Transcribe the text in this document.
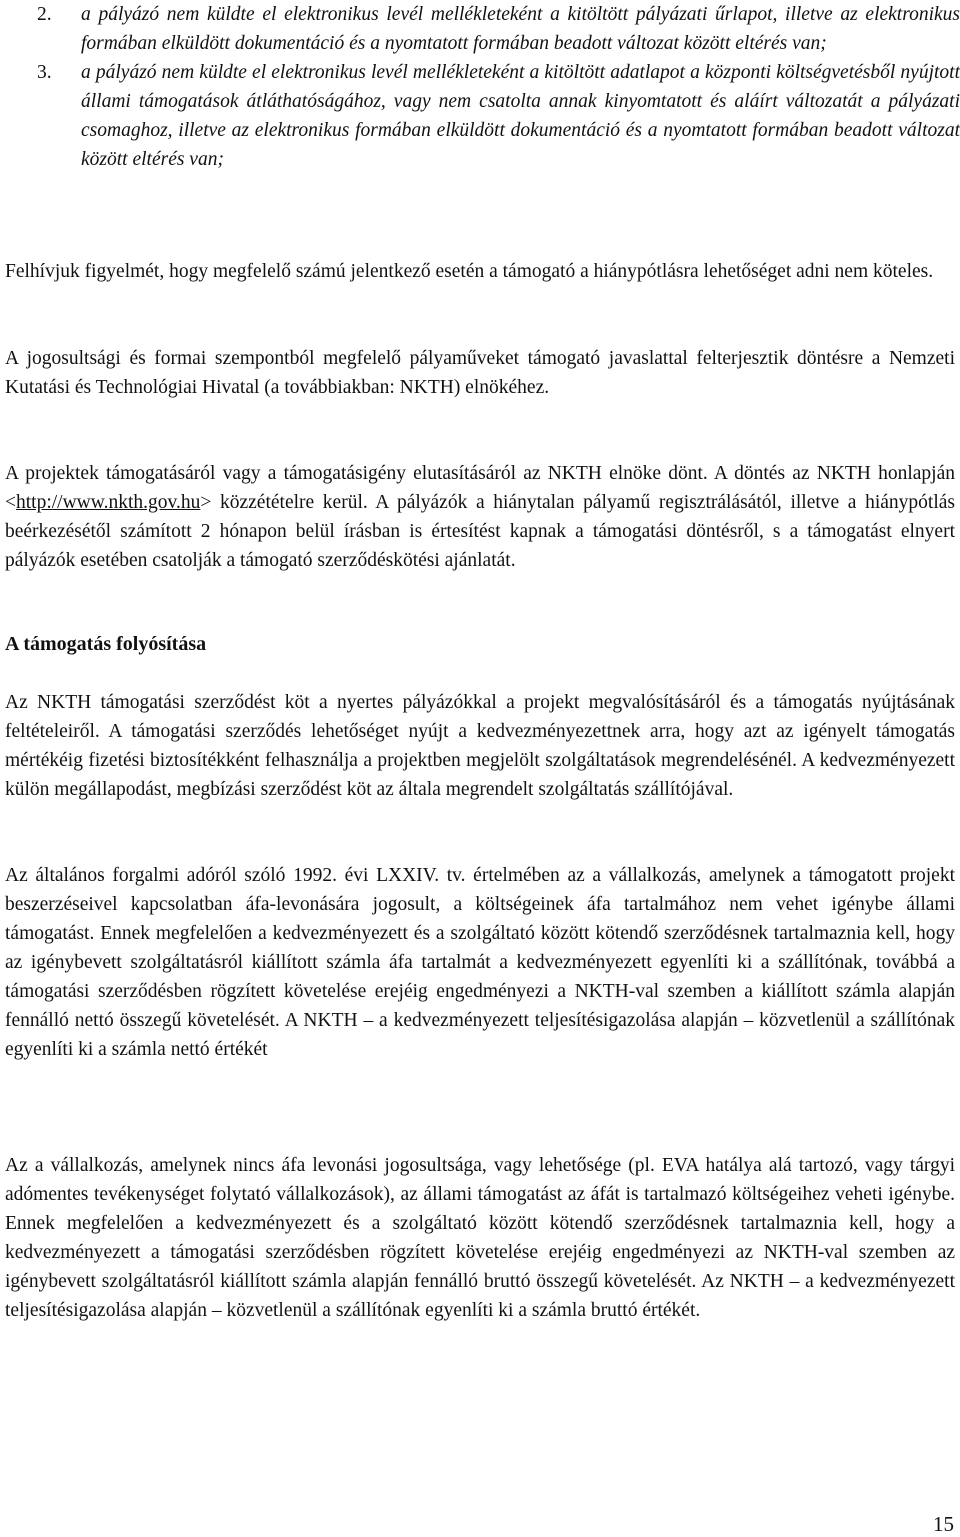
2. a pályázó nem küldte el elektronikus levél mellékleteként a kitöltött pályázati űrlapot, illetve az elektronikus formában elküldött dokumentáció és a nyomtatott formában beadott változat között eltérés van;
3. a pályázó nem küldte el elektronikus levél mellékleteként a kitöltött adatlapot a központi költségvetésből nyújtott állami támogatások átláthatóságához, vagy nem csatolta annak kinyomtatott és aláírt változatát a pályázati csomaghoz, illetve az elektronikus formában elküldött dokumentáció és a nyomtatott formában beadott változat között eltérés van;

Felhívjuk figyelmét, hogy megfelelő számú jelentkező esetén a támogató a hiánypótlásra lehetőséget adni nem köteles.

A jogosultsági és formai szempontból megfelelő pályaműveket támogató javaslattal felterjesztik döntésre a Nemzeti Kutatási és Technológiai Hivatal (a továbbiakban: NKTH) elnökéhez.

A projektek támogatásáról vagy a támogatásigény elutasításáról az NKTH elnöke dönt. A döntés az NKTH honlapján <http://www.nkth.gov.hu> közzétételre kerül. A pályázók a hiánytalan pályamű regisztrálásától, illetve a hiánypótlás beérkezésétől számított 2 hónapon belül írásban is értesítést kapnak a támogatási döntésről, s a támogatást elnyert pályázók esetében csatolják a támogató szerződéskötési ajánlatát.

A támogatás folyósítása

Az NKTH támogatási szerződést köt a nyertes pályázókkal a projekt megvalósításáról és a támogatás nyújtásának feltételeiről. A támogatási szerződés lehetőséget nyújt a kedvezményezettnek arra, hogy azt az igényelt támogatás mértékéig fizetési biztosítékként felhasználja a projektben megjelölt szolgáltatások megrendelésénél. A kedvezményezett külön megállapodást, megbízási szerződést köt az általa megrendelt szolgáltatás szállítójával.

Az általános forgalmi adóról szóló 1992. évi LXXIV. tv. értelmében az a vállalkozás, amelynek a támogatott projekt beszerzéseivel kapcsolatban áfa-levonására jogosult, a költségeinek áfa tartalmához nem vehet igénybe állami támogatást. Ennek megfelelően a kedvezményezett és a szolgáltató között kötendő szerződésnek tartalmaznia kell, hogy az igénybevett szolgáltatásról kiállított számla áfa tartalmát a kedvezményezett egyenlíti ki a szállítónak, továbbá a támogatási szerződésben rögzített követelése erejéig engedményezi a NKTH-val szemben a kiállított számla alapján fennálló nettó összegű követelését. A NKTH – a kedvezményezett teljesítésigazolása alapján – közvetlenül a szállítónak egyenlíti ki a számla nettó értékét

Az a vállalkozás, amelynek nincs áfa levonási jogosultsága, vagy lehetősége (pl. EVA hatálya alá tartozó, vagy tárgyi adómentes tevékenységet folytató vállalkozások), az állami támogatást az áfát is tartalmazó költségeihez veheti igénybe. Ennek megfelelően a kedvezményezett és a szolgáltató között kötendő szerződésnek tartalmaznia kell, hogy a kedvezményezett a támogatási szerződésben rögzített követelése erejéig engedményezi az NKTH-val szemben az igénybevett szolgáltatásról kiállított számla alapján fennálló bruttó összegű követelését. Az NKTH – a kedvezményezett teljesítésigazolása alapján – közvetlenül a szállítónak egyenlíti ki a számla bruttó értékét.

15
